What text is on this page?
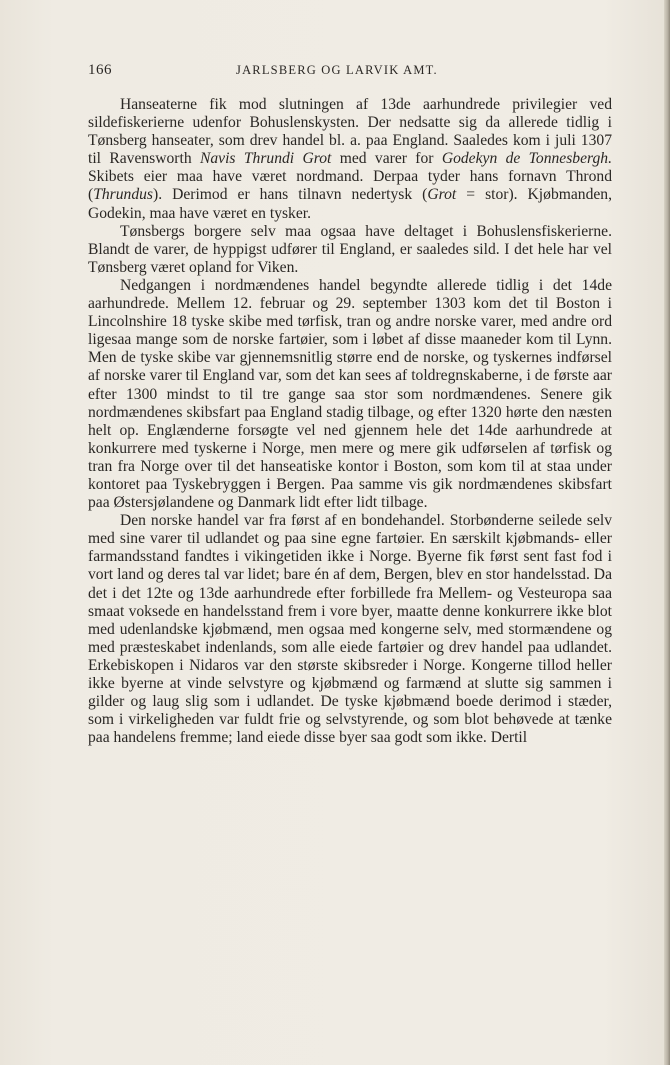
166	JARLSBERG OG LARVIK AMT.

Hanseaterne fik mod slutningen af 13de aarhundrede privilegier ved sildefiskerierne udenfor Bohuslenskysten. Der nedsatte sig da allerede tidlig i Tønsberg hanseater, som drev handel bl. a. paa England. Saaledes kom i juli 1307 til Ravensworth Navis Thrundi Grot med varer for Godekyn de Tonnesbergh. Skibets eier maa have været nordmand. Derpaa tyder hans fornavn Thrond (Thrundus). Derimod er hans tilnavn nedertysk (Grot = stor). Kjøbmanden, Godekin, maa have været en tysker.

Tønsbergs borgere selv maa ogsaa have deltaget i Bohuslensfiskerierne. Blandt de varer, de hyppigst udfører til England, er saaledes sild. I det hele har vel Tønsberg været opland for Viken.

Nedgangen i nordmændenes handel begyndte allerede tidlig i det 14de aarhundrede. Mellem 12. februar og 29. september 1303 kom det til Boston i Lincolnshire 18 tyske skibe med tørfisk, tran og andre norske varer, med andre ord ligesaa mange som de norske fartøier, som i løbet af disse maaneder kom til Lynn. Men de tyske skibe var gjennemsnitlig større end de norske, og tyskernes indførsel af norske varer til England var, som det kan sees af toldregnskaberne, i de første aar efter 1300 mindst to til tre gange saa stor som nordmændenes. Senere gik nordmændenes skibsfart paa England stadig tilbage, og efter 1320 hørte den næsten helt op. Englænderne forsøgte vel ned gjennem hele det 14de aarhundrede at konkurrere med tyskerne i Norge, men mere og mere gik udførselen af tørfisk og tran fra Norge over til det hanseatiske kontor i Boston, som kom til at staa under kontoret paa Tyskebryggen i Bergen. Paa samme vis gik nordmændenes skibsfart paa Østersjølandene og Danmark lidt efter lidt tilbage.

Den norske handel var fra først af en bondehandel. Storbønderne seilede selv med sine varer til udlandet og paa sine egne fartøier. En særskilt kjøbmands- eller farmandsstand fandtes i vikingetiden ikke i Norge. Byerne fik først sent fast fod i vort land og deres tal var lidet; bare én af dem, Bergen, blev en stor handelsstad. Da det i det 12te og 13de aarhundrede efter forbillede fra Mellem- og Vesteuropa saa smaat voksede en handelsstand frem i vore byer, maatte denne konkurrere ikke blot med udenlandske kjøbmænd, men ogsaa med kongerne selv, med stormændene og med præsteskabet indenlands, som alle eiede fartøier og drev handel paa udlandet. Erkebiskopen i Nidaros var den største skibsreder i Norge. Kongerne tillod heller ikke byerne at vinde selvstyre og kjøbmænd og farmænd at slutte sig sammen i gilder og laug slig som i udlandet. De tyske kjøbmænd boede derimod i stæder, som i virkeligheden var fuldt frie og selvstyrende, og som blot behøvede at tænke paa handelens fremme; land eiede disse byer saa godt som ikke. Dertil
